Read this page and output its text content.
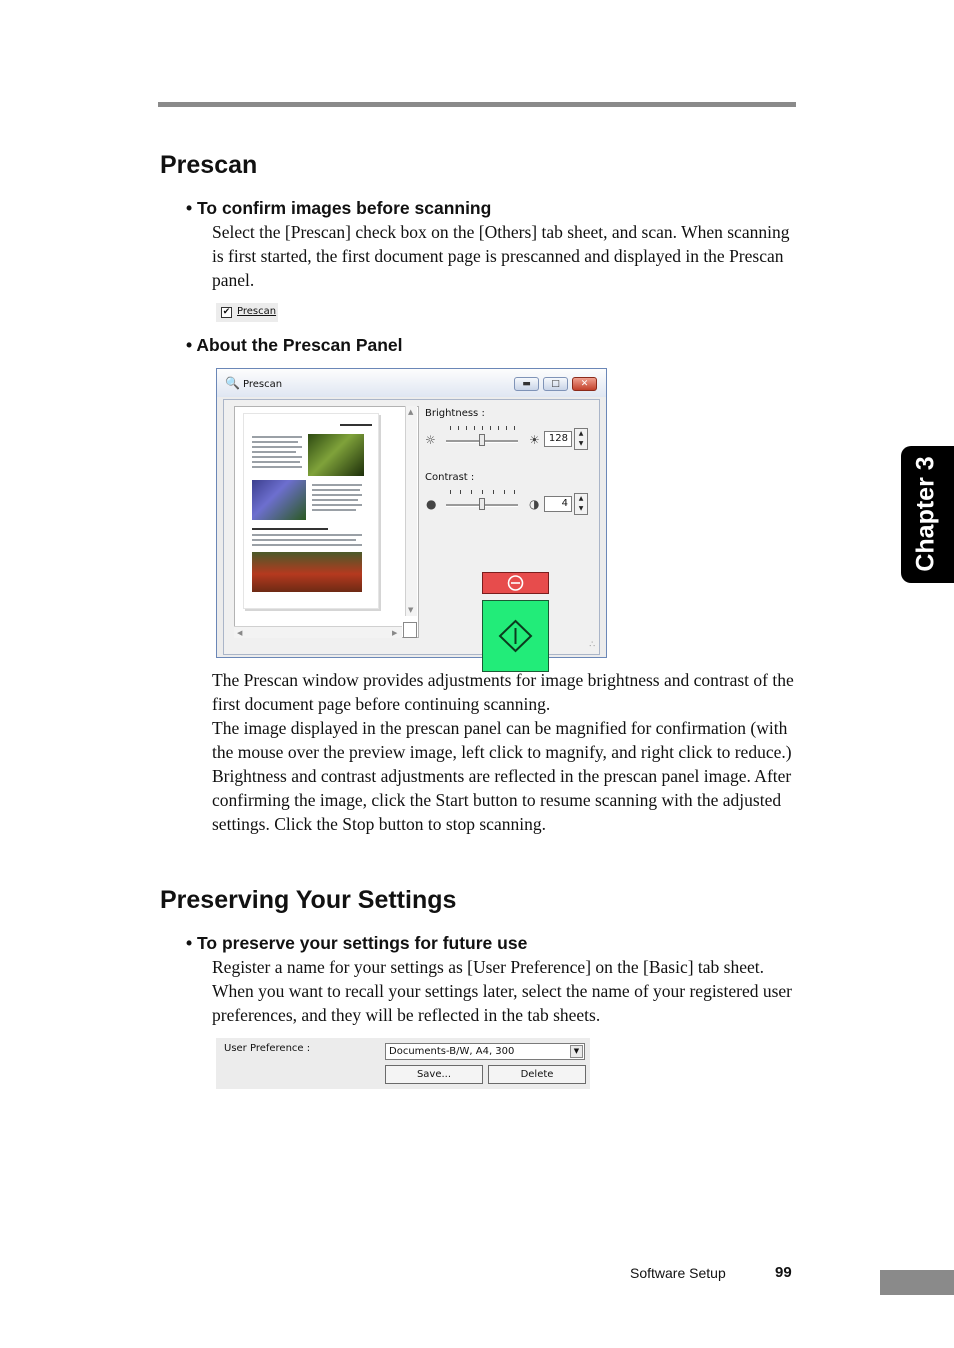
Prescan
• To confirm images before scanning

Select the [Prescan] check box on the [Others] tab sheet, and scan. When scanning is first started, the first document page is prescanned and displayed in the Prescan panel.

✔ Prescan
• About the Prescan Panel
🔍 Prescan	▬	□	✕
▲
▼
◀	▶
Brightness :
☼	☀ 128	▲
▼
Contrast :
●	◑	4	▲
▼
∴

The Prescan window provides adjustments for image brightness and contrast of the first document page before continuing scanning.

The image displayed in the prescan panel can be magnified for confirmation (with the mouse over the preview image, left click to magnify, and right click to reduce.)

Brightness and contrast adjustments are reflected in the prescan panel image. After confirming the image, click the Start button to resume scanning with the adjusted settings. Click the Stop button to stop scanning.

Preserving Your Settings
• To preserve your settings for future use

Register a name for your settings as [User Preference] on the [Basic] tab sheet. When you want to recall your settings later, select the name of your registered user preferences, and they will be reflected in the tab sheets.

User Preference :	Documents-B/W, A4, 300	▼
Save...	Delete
Chapter 3
Software Setup	99
